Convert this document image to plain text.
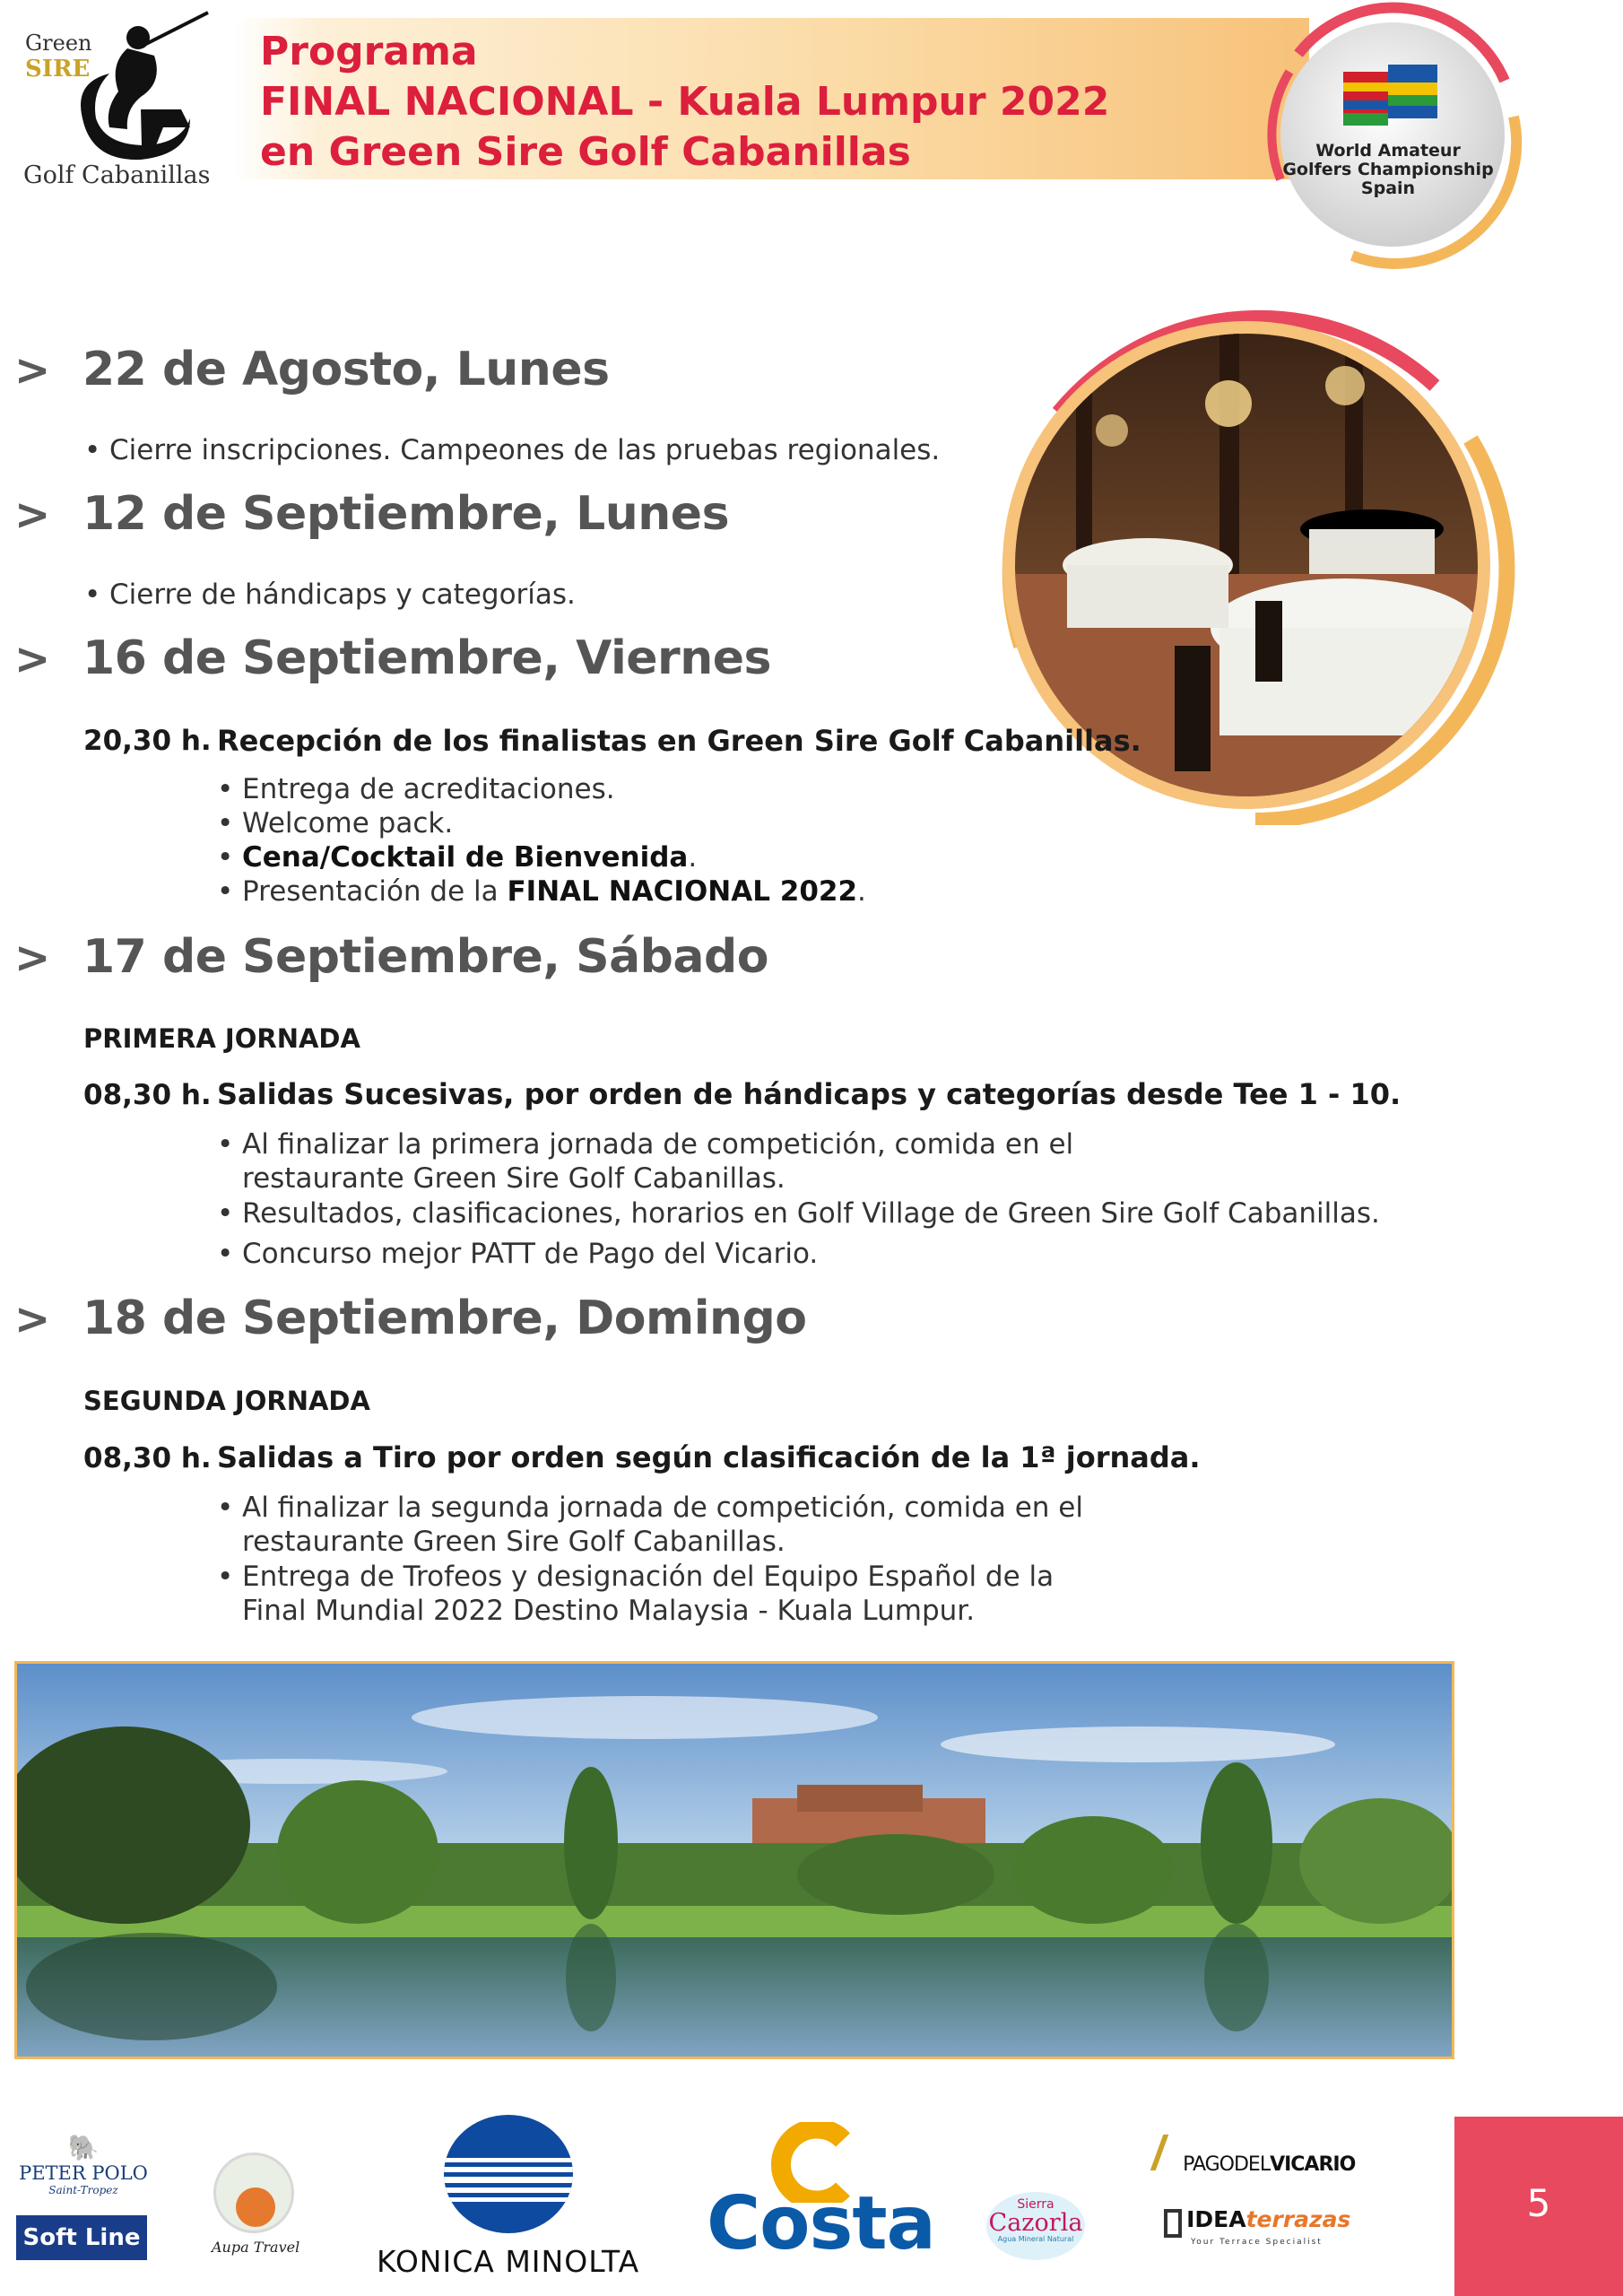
Green
SIRE
Golf Cabanillas
Programa
FINAL NACIONAL - Kuala Lumpur 2022
en Green Sire Golf Cabanillas	World Amateur
Golfers Championship
Spain
> 22 de Agosto, Lunes
• Cierre inscripciones. Campeones de las pruebas regionales.
> 12 de Septiembre, Lunes
• Cierre de hándicaps y categorías.
> 16 de Septiembre, Viernes
20,30 h. Recepción de los finalistas en Green Sire Golf Cabanillas.
• Entrega de acreditaciones.
• Welcome pack.
• Cena/Cocktail de Bienvenida.
• Presentación de la FINAL NACIONAL 2022.
> 17 de Septiembre, Sábado
PRIMERA JORNADA
08,30 h. Salidas Sucesivas, por orden de hándicaps y categorías desde Tee 1 - 10.
• Al finalizar la primera jornada de competición, comida en el
restaurante Green Sire Golf Cabanillas.
• Resultados, clasificaciones, horarios en Golf Village de Green Sire Golf Cabanillas.
• Concurso mejor PATT de Pago del Vicario.
> 18 de Septiembre, Domingo
SEGUNDA JORNADA
08,30 h. Salidas a Tiro por orden según clasificación de la 1ª jornada.
• Al finalizar la segunda jornada de competición, comida en el
restaurante Green Sire Golf Cabanillas.
• Entrega de Trofeos y designación del Equipo Español de la
Final Mundial 2022 Destino Malaysia - Kuala Lumpur.
🐘
PETER POLO
Saint-Tropez
Soft Line	Aupa Travel	KONICA MINOLTA Costa	Sierra
Cazorla
Agua Mineral Natural
PAGODELVICARIO
IDEAterrazas
Your Terrace Specialist
5
